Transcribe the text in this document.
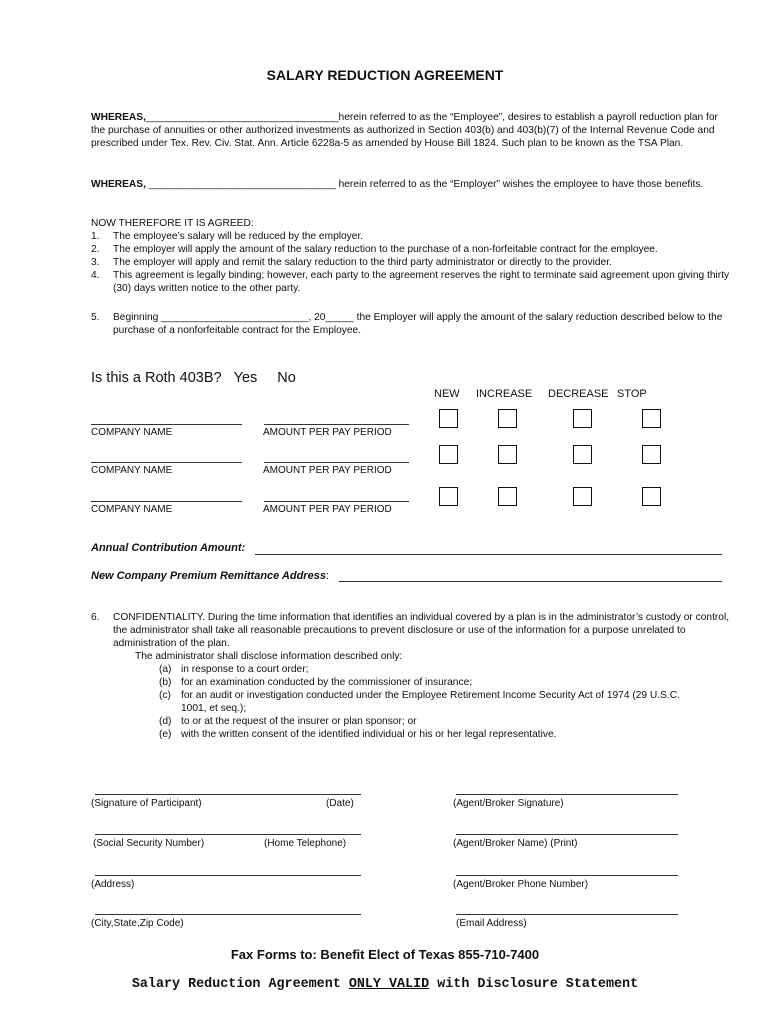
SALARY REDUCTION AGREEMENT
WHEREAS,__________________________________herein referred to as the “Employee”, desires to establish a payroll reduction plan for the purchase of annuities or other authorized investments as authorized in Section 403(b) and 403(b)(7) of the Internal Revenue Code and prescribed under Tex. Rev. Civ. Stat. Ann. Article 6228a-5 as amended by House Bill 1824. Such plan to be known as the TSA Plan.
WHEREAS, _________________________________ herein referred to as the “Employer” wishes the employee to have those benefits.
NOW THEREFORE IT IS AGREED:
1. The employee’s salary will be reduced by the employer.
2. The employer will apply the amount of the salary reduction to the purchase of a non-forfeitable contract for the employee.
3. The employer will apply and remit the salary reduction to the third party administrator or directly to the provider.
4. This agreement is legally binding; however, each party to the agreement reserves the right to terminate said agreement upon giving thirty (30) days written notice to the other party.
5. Beginning __________________________, 20_____ the Employer will apply the amount of the salary reduction described below to the purchase of a nonforfeitable contract for the Employee.
Is this a Roth 403B? Yes No
NEW INCREASE DECREASE STOP
COMPANY NAME	AMOUNT PER PAY PERIOD
COMPANY NAME	AMOUNT PER PAY PERIOD
COMPANY NAME	AMOUNT PER PAY PERIOD
Annual Contribution Amount:
New Company Premium Remittance Address:
6. CONFIDENTIALITY. During the time information that identifies an individual covered by a plan is in the administrator’s custody or control, the administrator shall take all reasonable precautions to prevent disclosure or use of the information for a purpose unrelated to administration of the plan.
The administrator shall disclose information described only:
(a) in response to a court order;
(b) for an examination conducted by the commissioner of insurance;
(c) for an audit or investigation conducted under the Employee Retirement Income Security Act of 1974 (29 U.S.C. 1001, et seq.);
(d) to or at the request of the insurer or plan sponsor; or
(e) with the written consent of the identified individual or his or her legal representative.
(Signature of Participant)	(Date)	(Agent/Broker Signature)
(Social Security Number)	(Home Telephone)	(Agent/Broker Name) (Print)
(Address)	(Agent/Broker Phone Number)
(City,State,Zip Code)	(Email Address)
Fax Forms to: Benefit Elect of Texas 855-710-7400
Salary Reduction Agreement ONLY VALID with Disclosure Statement
